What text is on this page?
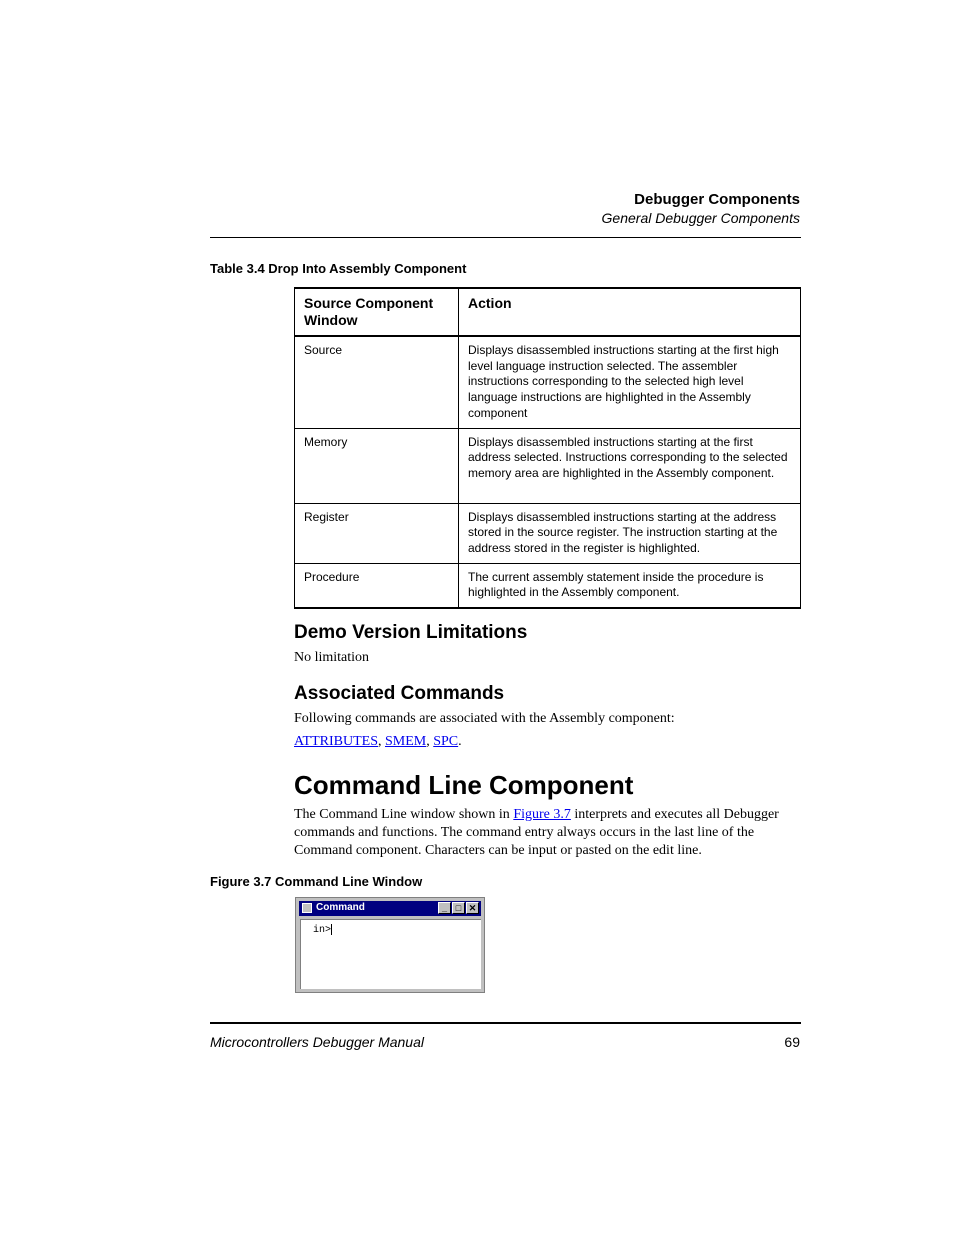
Debugger Components
General Debugger Components
Table 3.4 Drop Into Assembly Component
Source Component Window	Action
Source	Displays disassembled instructions starting at the first high level language instruction selected. The assembler instructions corresponding to the selected high level language instructions are highlighted in the Assembly component
Memory	Displays disassembled instructions starting at the first address selected. Instructions corresponding to the selected memory area are highlighted in the Assembly component.
Register	Displays disassembled instructions starting at the address stored in the source register. The instruction starting at the address stored in the register is highlighted.
Procedure	The current assembly statement inside the procedure is highlighted in the Assembly component.
Demo Version Limitations
No limitation
Associated Commands
Following commands are associated with the Assembly component:
ATTRIBUTES, SMEM, SPC.
Command Line Component
The Command Line window shown in Figure 3.7 interprets and executes all Debugger commands and functions. The command entry always occurs in the last line of the Command component. Characters can be input or pasted on the edit line.
Figure 3.7 Command Line Window
Command	_ □ ✕
in>
Microcontrollers Debugger Manual	69
